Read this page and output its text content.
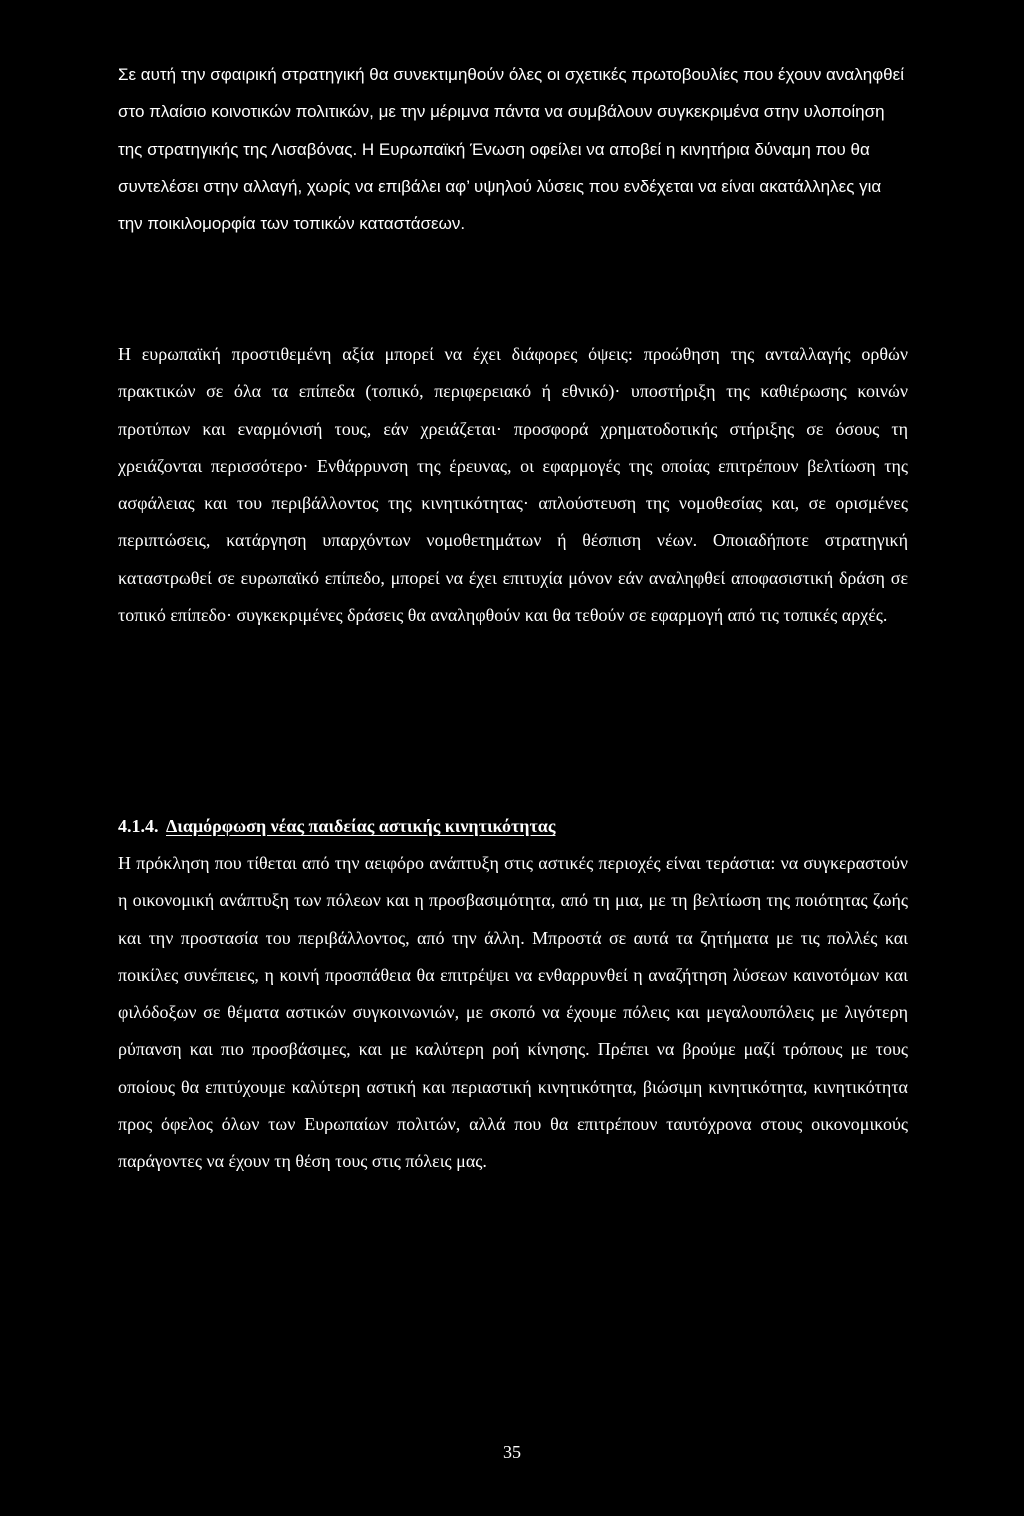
Σε αυτή την σφαιρική στρατηγική θα συνεκτιμηθούν όλες οι σχετικές πρωτοβουλίες που έχουν αναληφθεί στο πλαίσιο κοινοτικών πολιτικών, με την μέριμνα πάντα να συμβάλουν συγκεκριμένα στην υλοποίηση της στρατηγικής της Λισαβόνας. Η Ευρωπαϊκή Ένωση οφείλει να αποβεί η κινητήρια δύναμη που θα συντελέσει στην αλλαγή, χωρίς να επιβάλει αφ’ υψηλού λύσεις που ενδέχεται να είναι ακατάλληλες για την ποικιλομορφία των τοπικών καταστάσεων.

Η ευρωπαϊκή προστιθεμένη αξία μπορεί να έχει διάφορες όψεις: προώθηση της ανταλλαγής ορθών πρακτικών σε όλα τα επίπεδα (τοπικό, περιφερειακό ή εθνικό)· υποστήριξη της καθιέρωσης κοινών προτύπων και εναρμόνισή τους, εάν χρειάζεται· προσφορά χρηματοδοτικής στήριξης σε όσους τη χρειάζονται περισσότερο· Ενθάρρυνση της έρευνας, οι εφαρμογές της οποίας επιτρέπουν βελτίωση της ασφάλειας και του περιβάλλοντος της κινητικότητας· απλούστευση της νομοθεσίας και, σε ορισμένες περιπτώσεις, κατάργηση υπαρχόντων νομοθετημάτων ή θέσπιση νέων. Οποιαδήποτε στρατηγική καταστρωθεί σε ευρωπαϊκό επίπεδο, μπορεί να έχει επιτυχία μόνον εάν αναληφθεί αποφασιστική δράση σε τοπικό επίπεδο· συγκεκριμένες δράσεις θα αναληφθούν και θα τεθούν σε εφαρμογή από τις τοπικές αρχές.

4.1.4. Διαμόρφωση νέας παιδείας αστικής κινητικότητας

Η πρόκληση που τίθεται από την αειφόρο ανάπτυξη στις αστικές περιοχές είναι τεράστια: να συγκεραστούν η οικονομική ανάπτυξη των πόλεων και η προσβασιμότητα, από τη μια, με τη βελτίωση της ποιότητας ζωής και την προστασία του περιβάλλοντος, από την άλλη. Μπροστά σε αυτά τα ζητήματα με τις πολλές και ποικίλες συνέπειες, η κοινή προσπάθεια θα επιτρέψει να ενθαρρυνθεί η αναζήτηση λύσεων καινοτόμων και φιλόδοξων σε θέματα αστικών συγκοινωνιών, με σκοπό να έχουμε πόλεις και μεγαλουπόλεις με λιγότερη ρύπανση και πιο προσβάσιμες, και με καλύτερη ροή κίνησης. Πρέπει να βρούμε μαζί τρόπους με τους οποίους θα επιτύχουμε καλύτερη αστική και περιαστική κινητικότητα, βιώσιμη κινητικότητα, κινητικότητα προς όφελος όλων των Ευρωπαίων πολιτών, αλλά που θα επιτρέπουν ταυτόχρονα στους οικονομικούς παράγοντες να έχουν τη θέση τους στις πόλεις μας.

35
